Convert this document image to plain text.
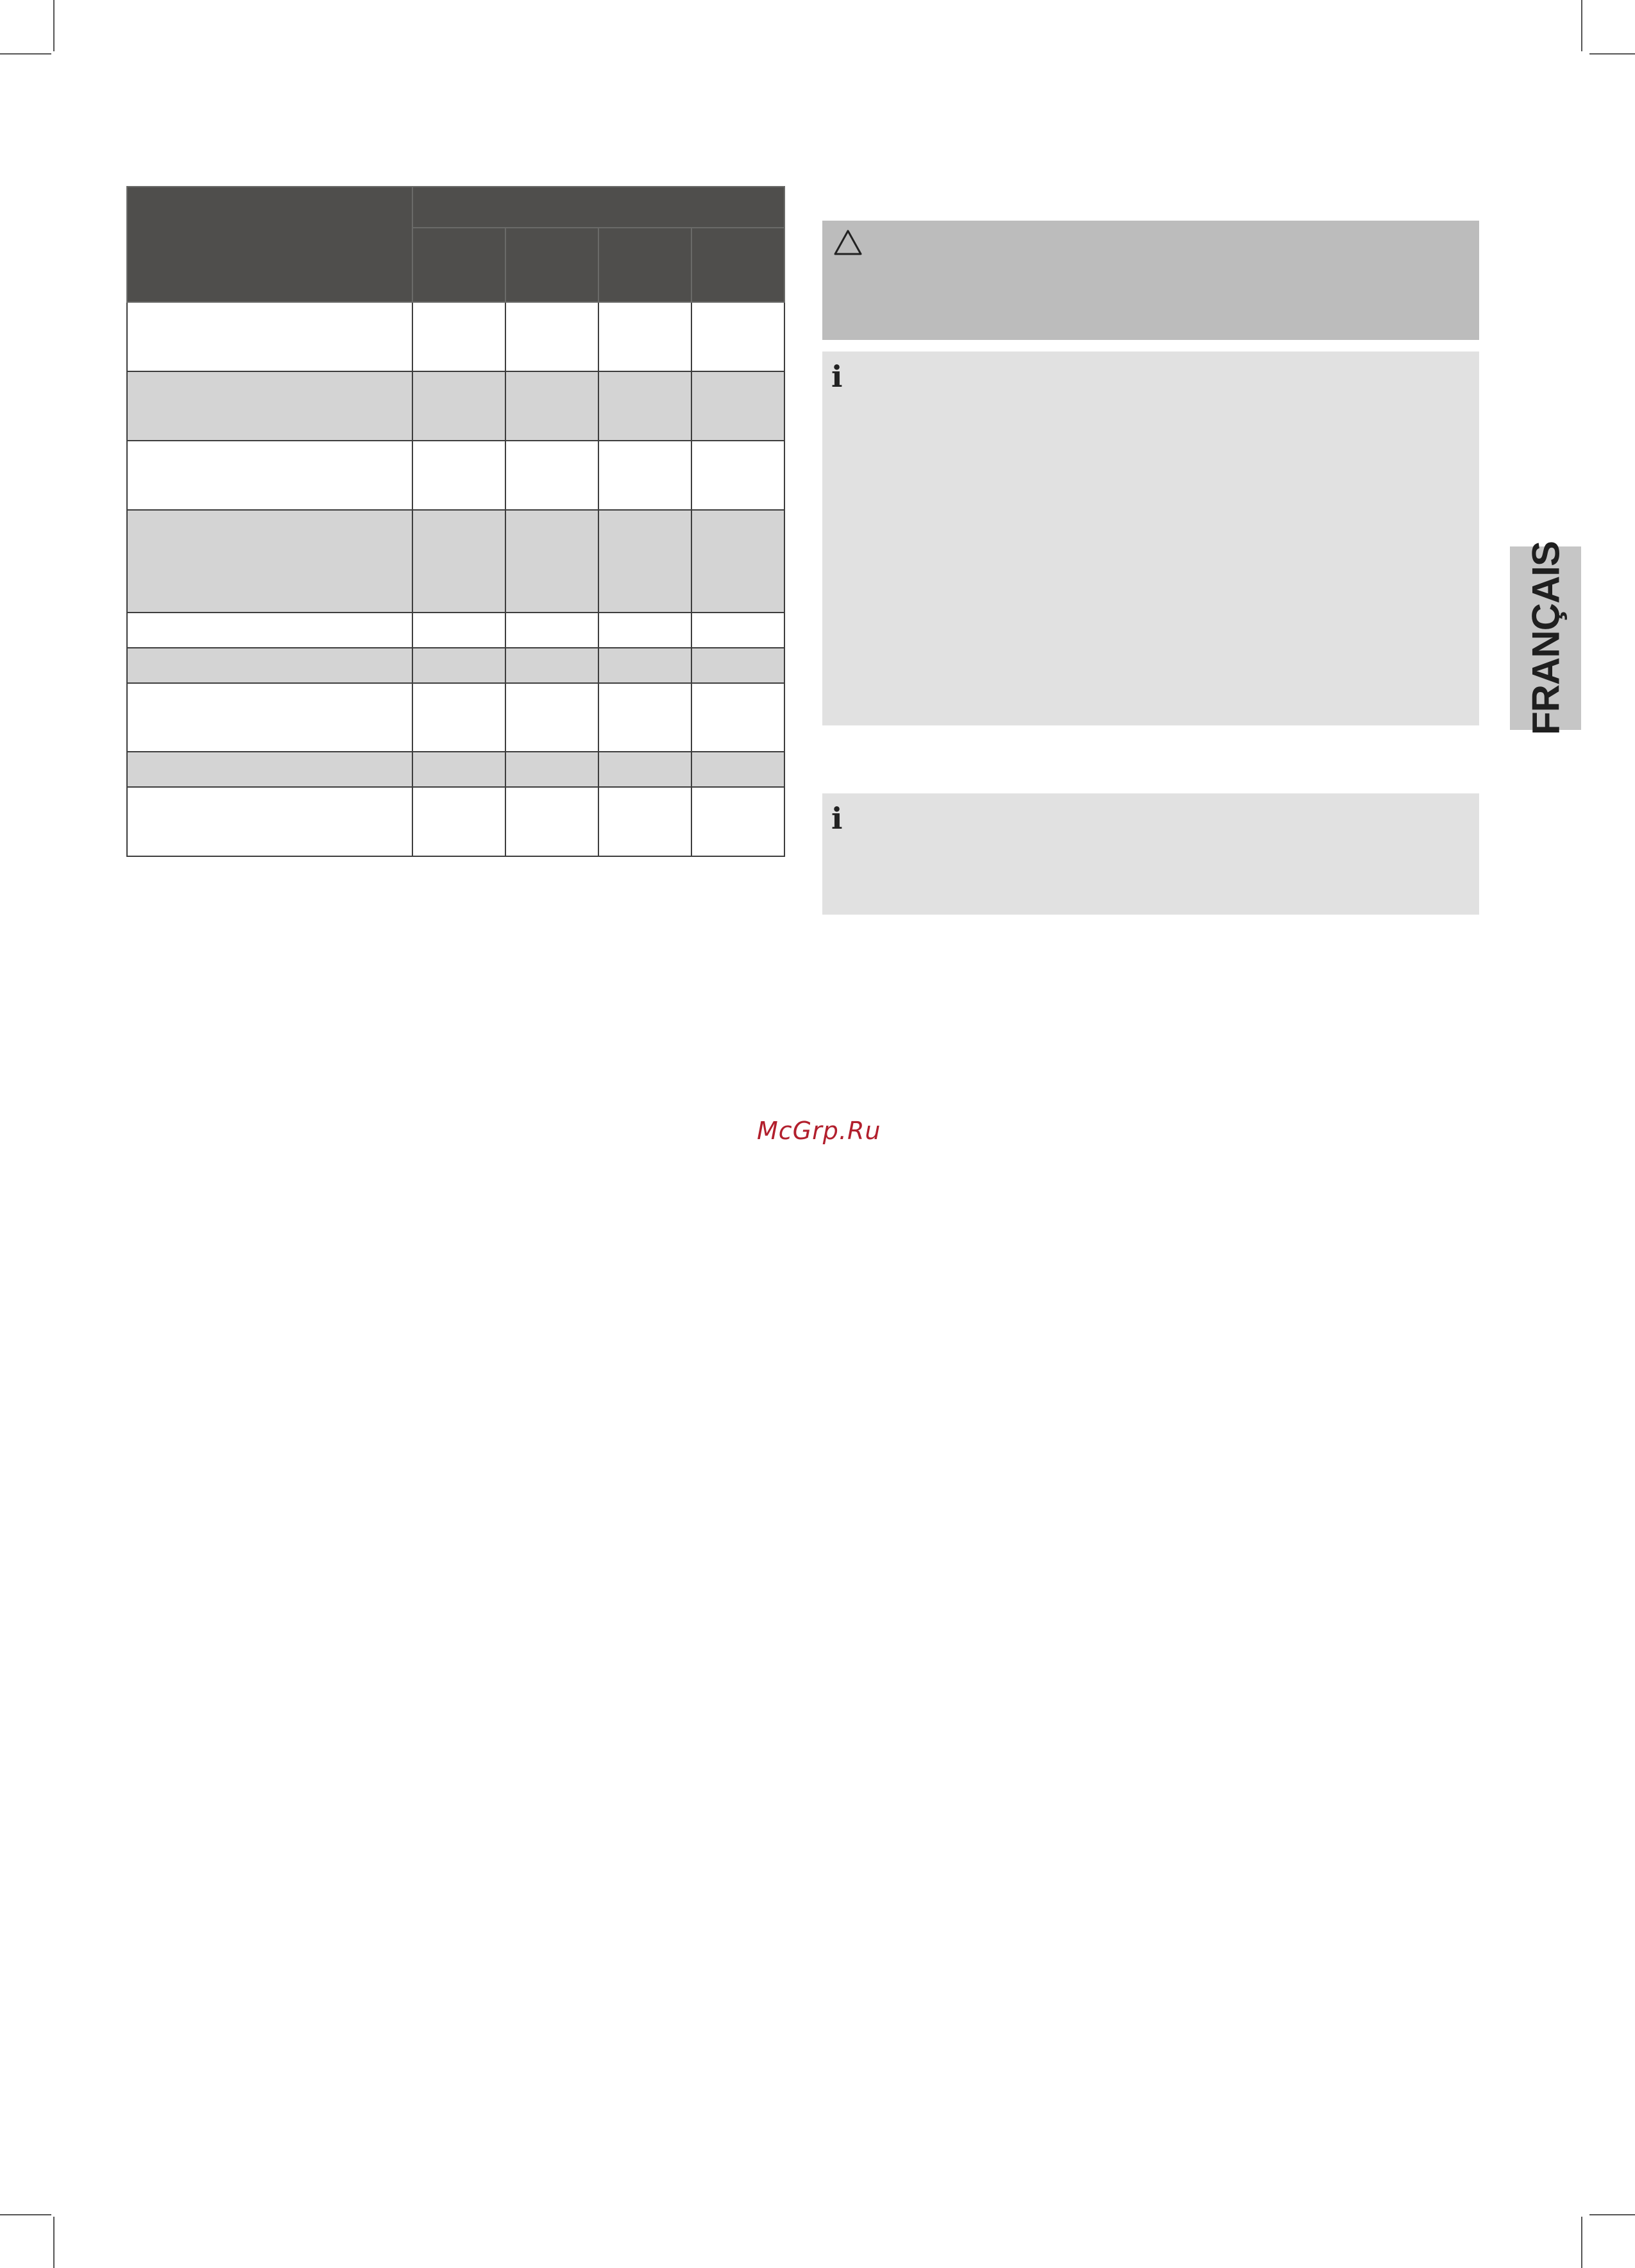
i
i
FRANÇAIS
McGrp.Ru
